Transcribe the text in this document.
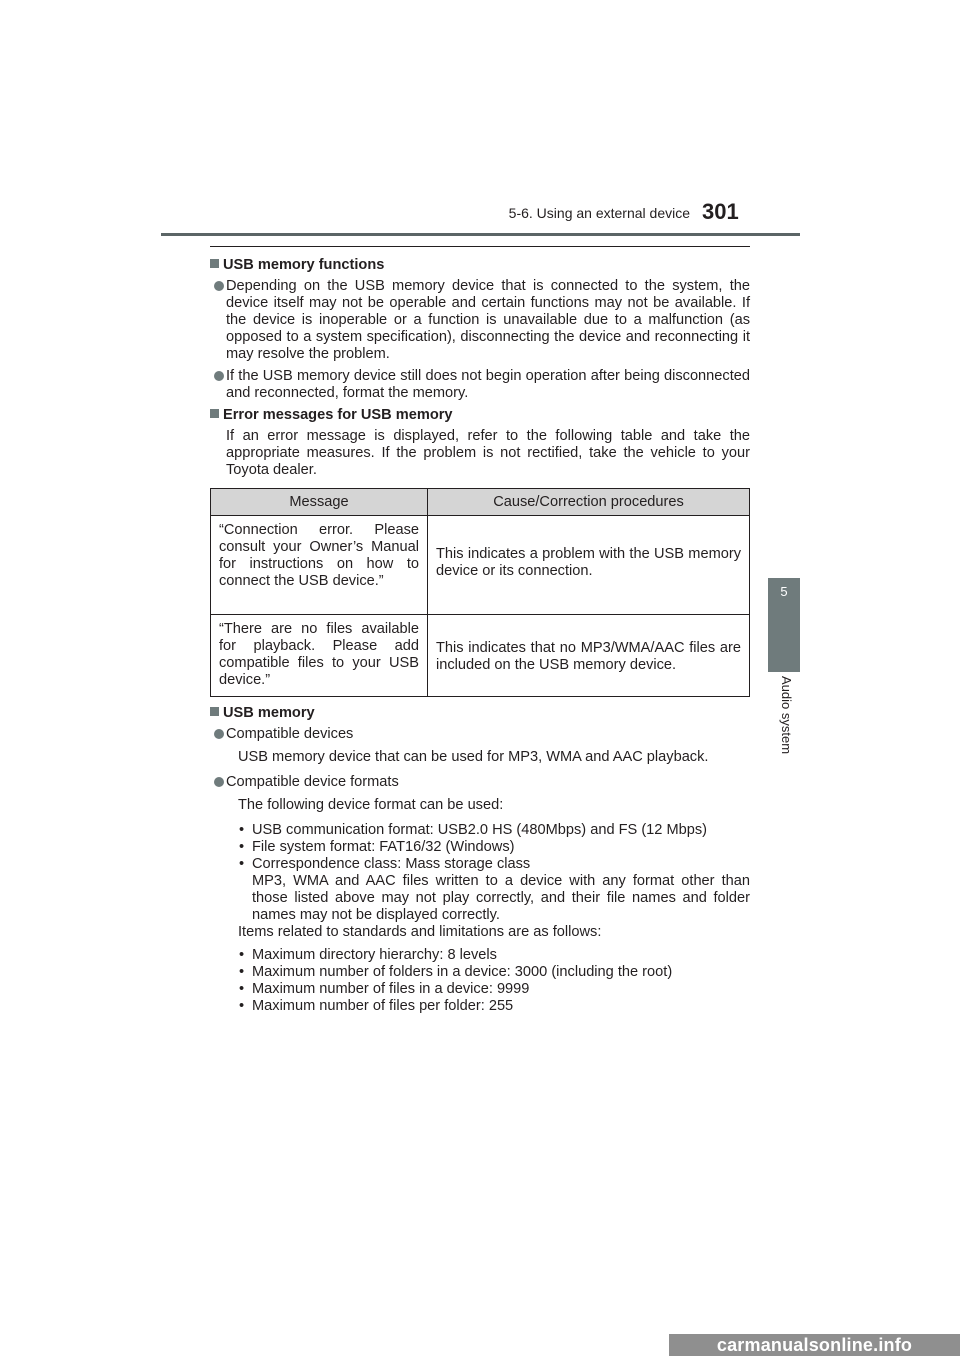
5-6. Using an external device 301
5
Audio system
USB memory functions
Depending on the USB memory device that is connected to the system, the device itself may not be operable and certain functions may not be available. If the device is inoperable or a function is unavailable due to a malfunction (as opposed to a system specification), disconnecting the device and reconnecting it may resolve the problem.
If the USB memory device still does not begin operation after being disconnected and reconnected, format the memory.
Error messages for USB memory
If an error message is displayed, refer to the following table and take the appropriate measures. If the problem is not rectified, take the vehicle to your Toyota dealer.
Message	Cause/Correction procedures

“Connection error. Please consult your Owner’s Manual for instructions on how to connect the USB device.”	This indicates a problem with the USB memory device or its connection.

“There are no files available for playback. Please add compatible files to your USB device.”	This indicates that no MP3/WMA/AAC files are included on the USB memory device.
USB memory
Compatible devices
USB memory device that can be used for MP3, WMA and AAC playback.
Compatible device formats
The following device format can be used:
• USB communication format: USB2.0 HS (480Mbps) and FS (12 Mbps)
• File system format: FAT16/32 (Windows)
• Correspondence class: Mass storage class
MP3, WMA and AAC files written to a device with any format other than those listed above may not play correctly, and their file names and folder names may not be displayed correctly.
Items related to standards and limitations are as follows:
• Maximum directory hierarchy: 8 levels
• Maximum number of folders in a device: 3000 (including the root)
• Maximum number of files in a device: 9999
• Maximum number of files per folder: 255
carmanualsonline.info
